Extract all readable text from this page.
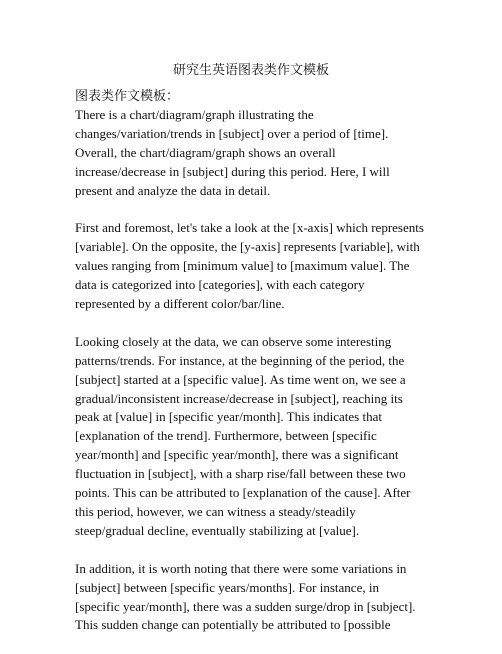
研究生英语图表类作文模板

图表类作文模板：

There is a chart/diagram/graph illustrating the
changes/variation/trends in [subject] over a period of [time].
Overall, the chart/diagram/graph shows an overall
increase/decrease in [subject] during this period. Here, I will
present and analyze the data in detail.
First and foremost, let's take a look at the [x-axis] which represents
[variable]. On the opposite, the [y-axis] represents [variable], with
values ranging from [minimum value] to [maximum value]. The
data is categorized into [categories], with each category
represented by a different color/bar/line.
Looking closely at the data, we can observe some interesting
patterns/trends. For instance, at the beginning of the period, the
[subject] started at a [specific value]. As time went on, we see a
gradual/inconsistent increase/decrease in [subject], reaching its
peak at [value] in [specific year/month]. This indicates that
[explanation of the trend]. Furthermore, between [specific
year/month] and [specific year/month], there was a significant
fluctuation in [subject], with a sharp rise/fall between these two
points. This can be attributed to [explanation of the cause]. After
this period, however, we can witness a steady/steadily
steep/gradual decline, eventually stabilizing at [value].
In addition, it is worth noting that there were some variations in
[subject] between [specific years/months]. For instance, in
[specific year/month], there was a sudden surge/drop in [subject].
This sudden change can potentially be attributed to [possible
